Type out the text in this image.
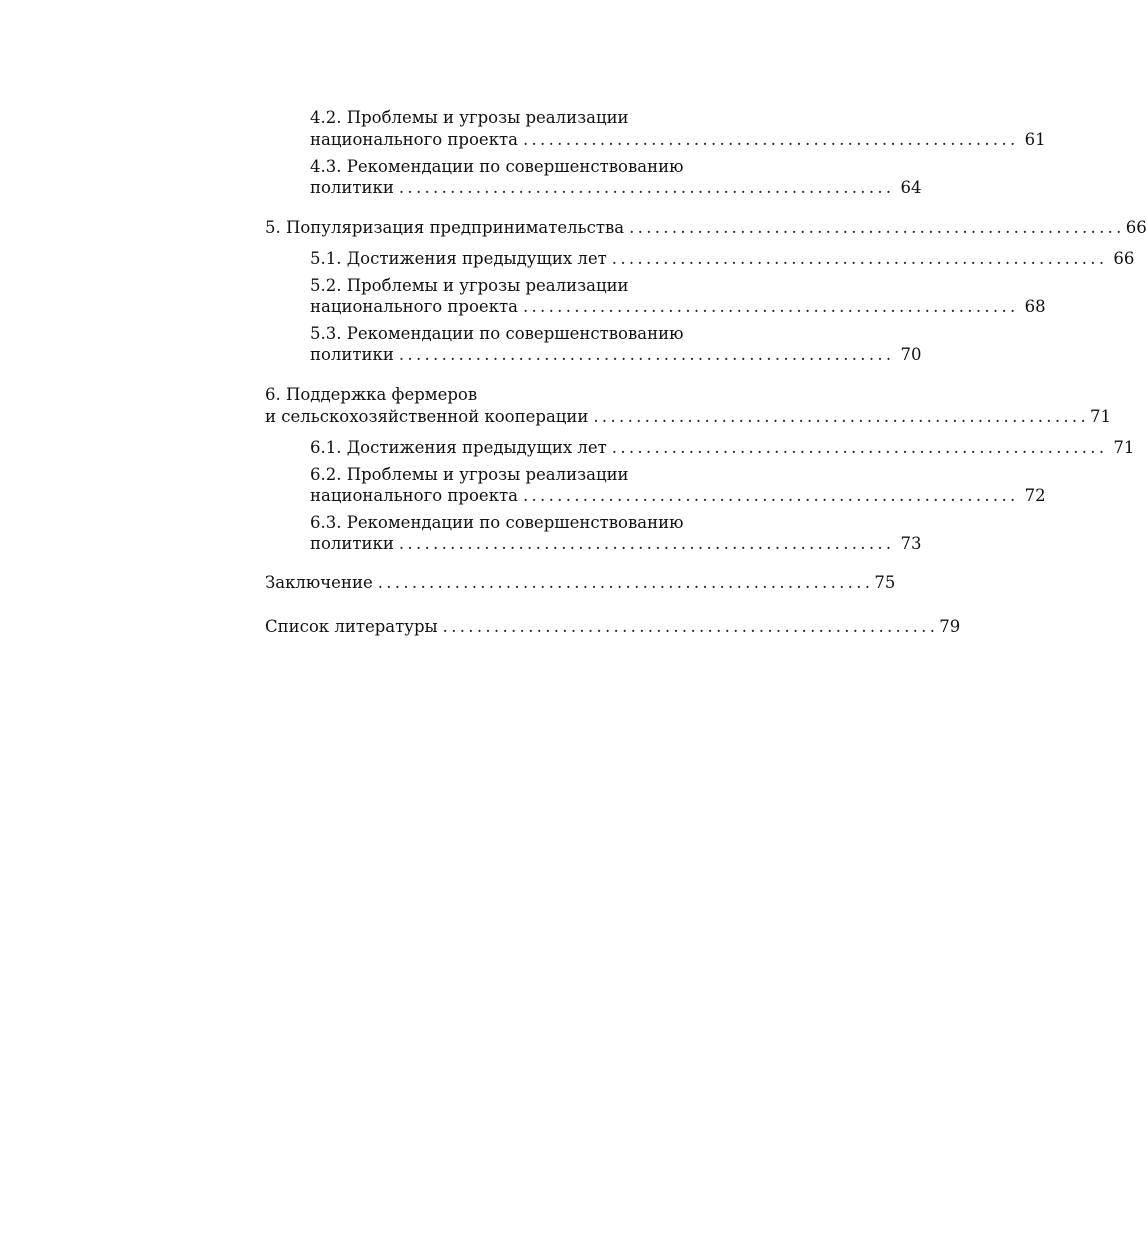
4.2. Проблемы и угрозы реализации
национального проекта .......................................................... 61
4.3. Рекомендации по совершенствованию
политики .......................................................... 64
5. Популяризация предпринимательства .......................................................... 66
5.1. Достижения предыдущих лет .......................................................... 66
5.2. Проблемы и угрозы реализации
национального проекта .......................................................... 68
5.3. Рекомендации по совершенствованию
политики .......................................................... 70
6. Поддержка фермеров
и сельскохозяйственной кооперации .......................................................... 71
6.1. Достижения предыдущих лет .......................................................... 71
6.2. Проблемы и угрозы реализации
национального проекта .......................................................... 72
6.3. Рекомендации по совершенствованию
политики .......................................................... 73
Заключение .......................................................... 75
Список литературы .......................................................... 79
